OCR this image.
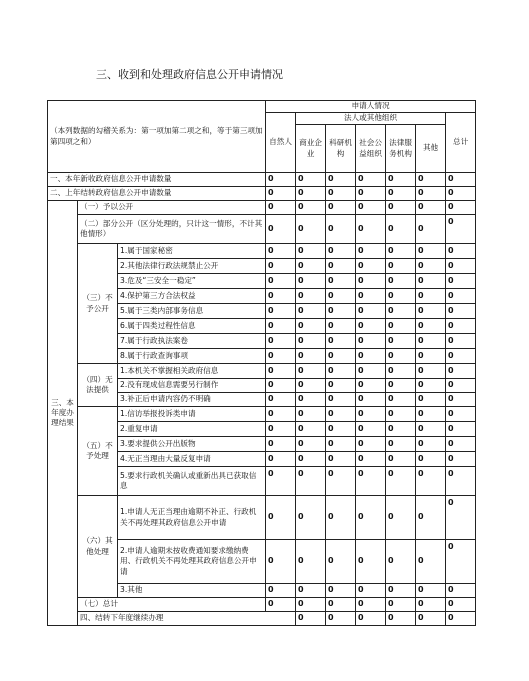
三、收到和处理政府信息公开申请情况
（本列数据的勾稽关系为：第一项加第二项之和，等于第三项加第四项之和）			申请人情况							
			自然人	法人或其他组织					总计	
				商业企业	科研机构	社会公益组织	法律服务机构	其他		
一、本年新收政府信息公开申请数量			0	0	0	0	0	0	0	
二、上年结转政府信息公开申请数量			0	0	0	0	0	0	0	
三、本年度办理结果	（一）予以公开		0	0	0	0	0	0	0	
	（二）部分公开（区分处理的，只计这一情形，不计其他情形）		0	0	0	0	0	0	0	
	（三）不予公开	1.属于国家秘密	0	0	0	0	0	0	0	
		2.其他法律行政法规禁止公开	0	0	0	0	0	0	0	
		3.危及“三安全一稳定”	0	0	0	0	0	0	0	
		4.保护第三方合法权益	0	0	0	0	0	0	0	
		5.属于三类内部事务信息	0	0	0	0	0	0	0	
		6.属于四类过程性信息	0	0	0	0	0	0	0	
		7.属于行政执法案卷	0	0	0	0	0	0	0	
		8.属于行政查询事项	0	0	0	0	0	0	0	
	（四）无法提供	1.本机关不掌握相关政府信息	0	0	0	0	0	0	0	
		2.没有现成信息需要另行制作	0	0	0	0	0	0	0	
		3.补正后申请内容仍不明确	0	0	0	0	0	0	0	
	（五）不予处理	1.信访举报投诉类申请	0	0	0	0	0	0	0	
		2.重复申请	0	0	0	0	0	0	0	
		3.要求提供公开出版物	0	0	0	0	0	0	0	
		4.无正当理由大量反复申请	0	0	0	0	0	0	0	
		5.要求行政机关确认或重新出具已获取信息	0	0	0	0	0	0	0	
	（六）其他处理	1.申请人无正当理由逾期不补正、行政机关不再处理其政府信息公开申请	0	0	0	0	0	0	0	
		2.申请人逾期未按收费通知要求缴纳费用、行政机关不再处理其政府信息公开申请	0	0	0	0	0	0	0	
		3.其他	0	0	0	0	0	0	0	
	（七）总计		0	0	0	0	0	0	0	
	四、结转下年度继续办理			0	0	0	0	0	0	
